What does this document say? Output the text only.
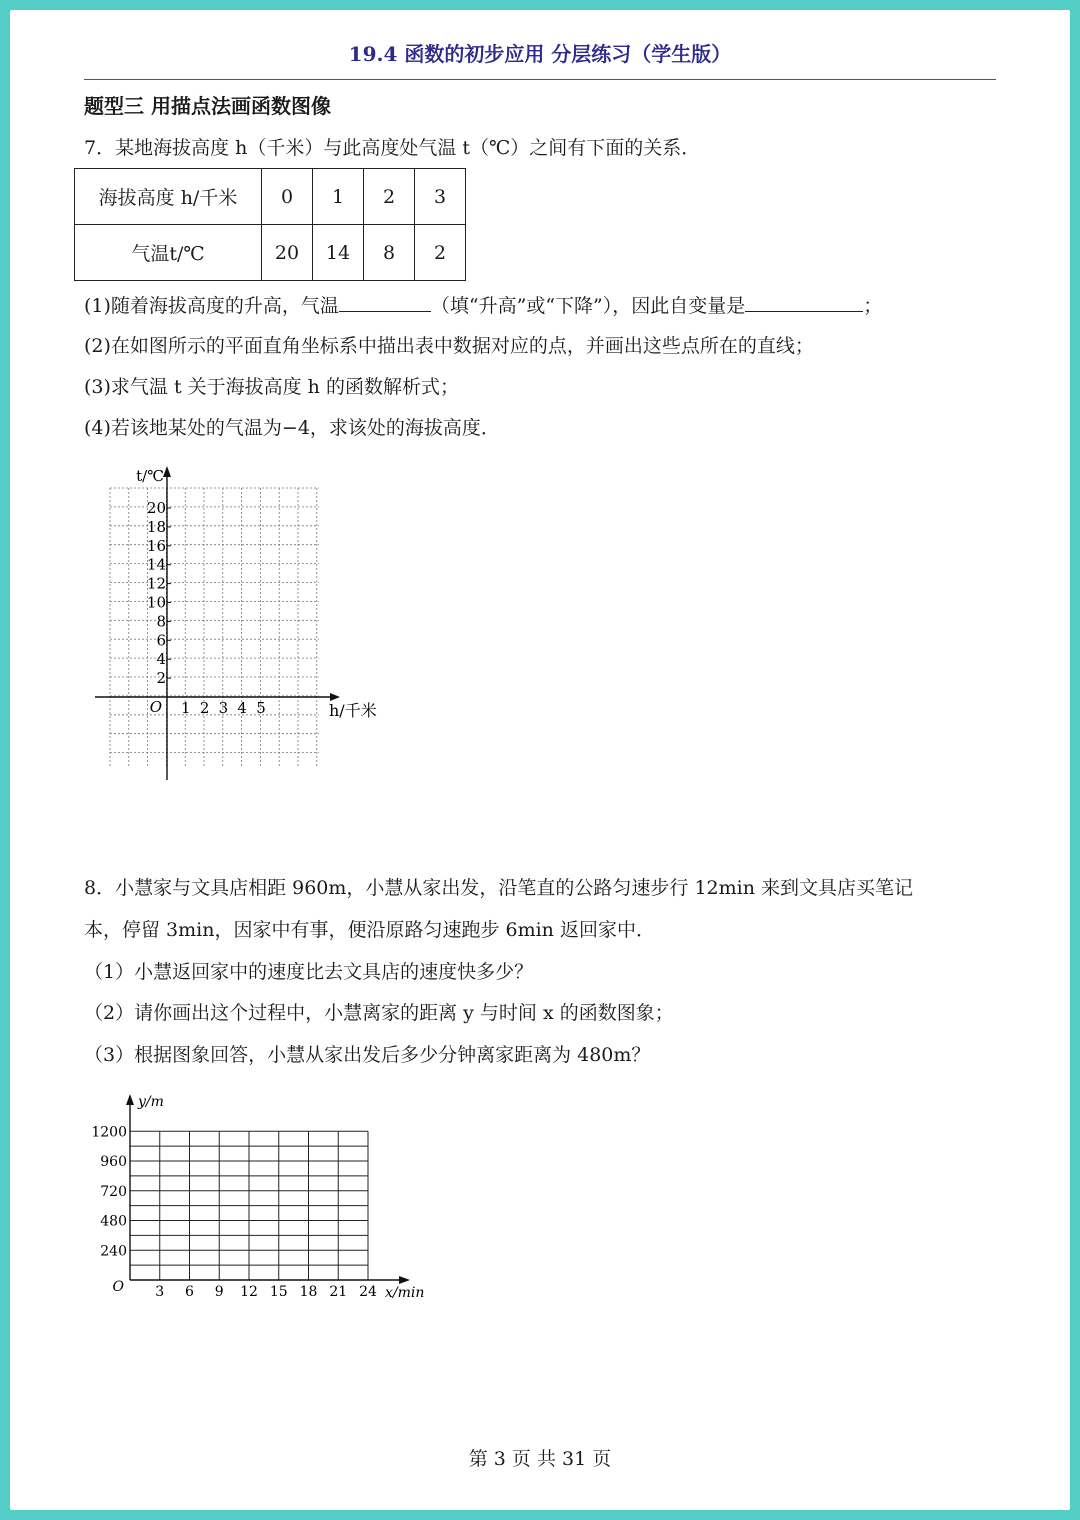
19.4 函数的初步应用 分层练习（学生版）
题型三 用描点法画函数图像
7．某地海拔高度 h（千米）与此高度处气温 t（℃）之间有下面的关系．
海拔高度 h/千米	0	1	2	3
气温t/℃	20	14	8	2
(1)随着海拔高度的升高，气温	（填“升高”或“下降”），因此自变量是	；
(2)在如图所示的平面直角坐标系中描出表中数据对应的点，并画出这些点所在的直线；
(3)求气温 t 关于海拔高度 h 的函数解析式；
(4)若该地某处的气温为−4，求该处的海拔高度．
2
4
6
8
10
12
14
16
18
20
1 2 3 4 5
O	h/千米
t/℃
8．小慧家与文具店相距 960m，小慧从家出发，沿笔直的公路匀速步行 12min 来到文具店买笔记
本，停留 3min，因家中有事，便沿原路匀速跑步 6min 返回家中．
（1）小慧返回家中的速度比去文具店的速度快多少？
（2）请你画出这个过程中，小慧离家的距离 y 与时间 x 的函数图象；
（3）根据图象回答，小慧从家出发后多少分钟离家距离为 480m？
3 6 9 12 15 18 21 24
240
480
720
960
1200
O	x/min
y/m
第 3 页 共 31 页
